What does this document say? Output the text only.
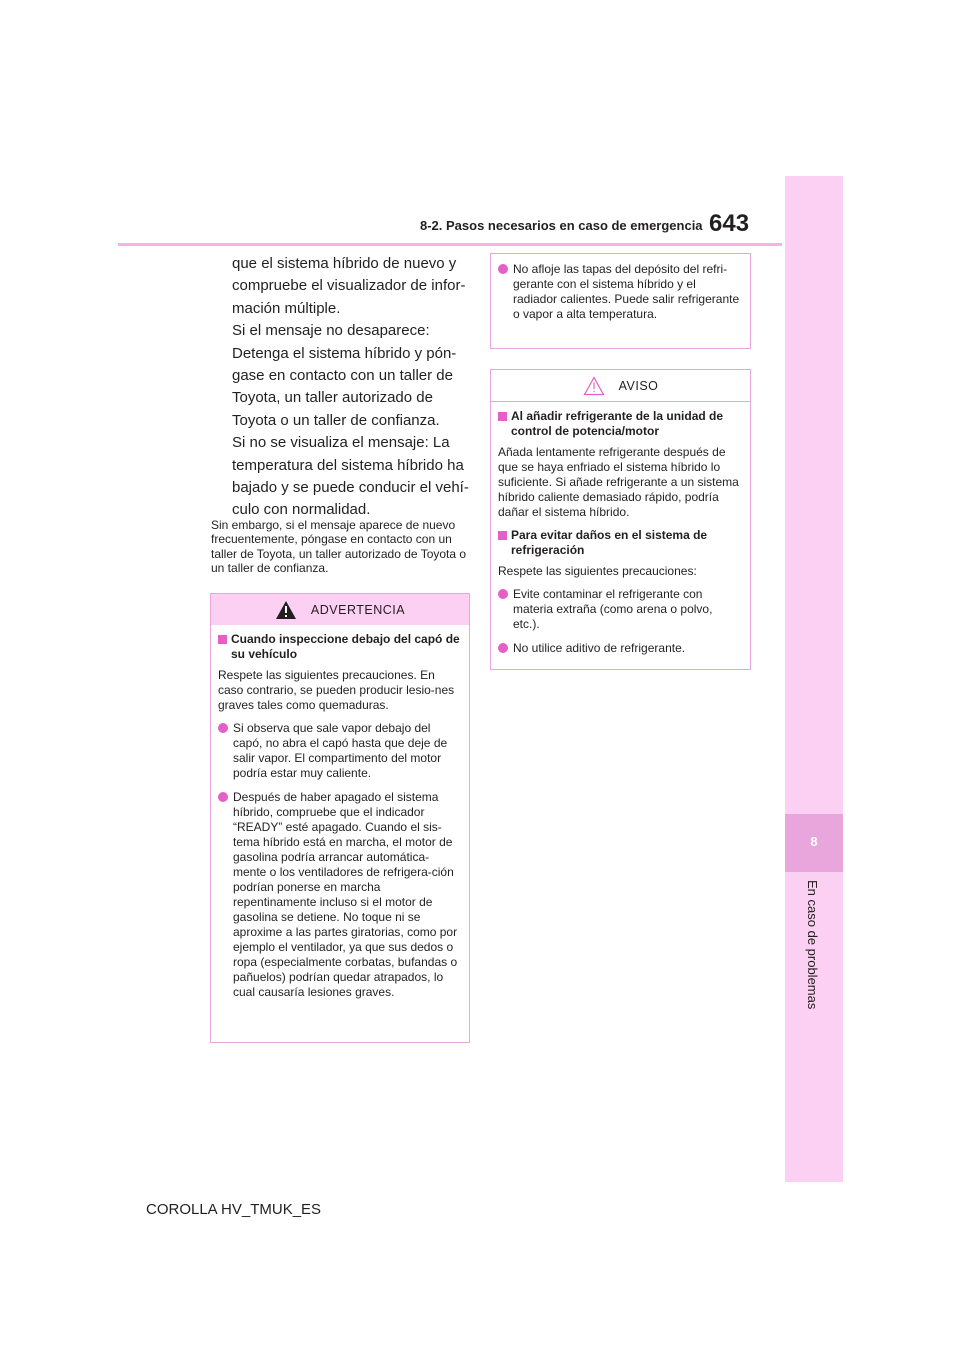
8-2. Pasos necesarios en caso de emergencia 643
8
En caso de problemas
que el sistema híbrido de nuevo y
compruebe el visualizador de infor-
mación múltiple.
Si el mensaje no desaparece:
Detenga el sistema híbrido y pón-
gase en contacto con un taller de
Toyota, un taller autorizado de
Toyota o un taller de confianza.
Si no se visualiza el mensaje: La
temperatura del sistema híbrido ha
bajado y se puede conducir el vehí-
culo con normalidad.
Sin embargo, si el mensaje aparece de nuevo frecuentemente, póngase en contacto con un taller de Toyota, un taller autorizado de Toyota o un taller de confianza.
ADVERTENCIA
Cuando inspeccione debajo del capó de su vehículo
Respete las siguientes precauciones. En caso contrario, se pueden producir lesio-nes graves tales como quemaduras.
Si observa que sale vapor debajo del capó, no abra el capó hasta que deje de salir vapor. El compartimento del motor podría estar muy caliente.
Después de haber apagado el sistema híbrido, compruebe que el indicador “READY” esté apagado. Cuando el sis-tema híbrido está en marcha, el motor de gasolina podría arrancar automática-mente o los ventiladores de refrigera-ción podrían ponerse en marcha repentinamente incluso si el motor de gasolina se detiene. No toque ni se aproxime a las partes giratorias, como por ejemplo el ventilador, ya que sus dedos o ropa (especialmente corbatas, bufandas o pañuelos) podrían quedar atrapados, lo cual causaría lesiones graves.
No afloje las tapas del depósito del refri-gerante con el sistema híbrido y el radiador calientes. Puede salir refrigerante o vapor a alta temperatura.
AVISO
Al añadir refrigerante de la unidad de control de potencia/motor
Añada lentamente refrigerante después de que se haya enfriado el sistema híbrido lo suficiente. Si añade refrigerante a un sistema híbrido caliente demasiado rápido, podría dañar el sistema híbrido.
Para evitar daños en el sistema de refrigeración
Respete las siguientes precauciones:
Evite contaminar el refrigerante con materia extraña (como arena o polvo, etc.).
No utilice aditivo de refrigerante.
COROLLA HV_TMUK_ES
